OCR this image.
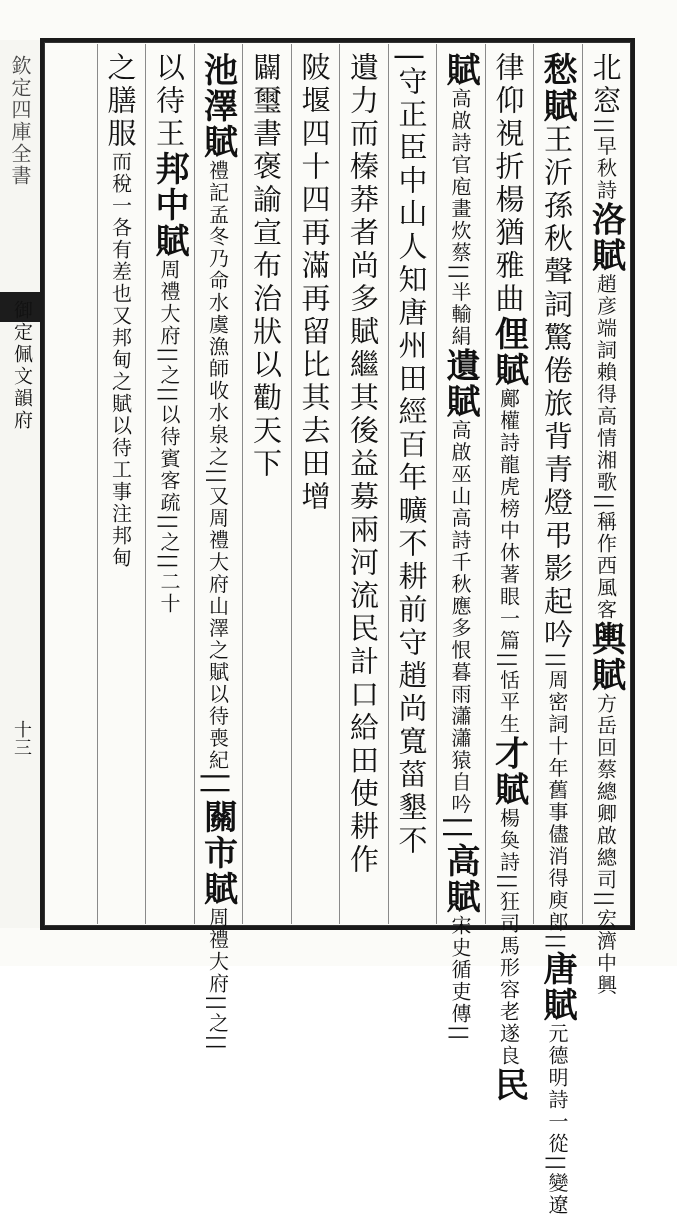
欽定四庫全書
御定佩文韻府
十三
北窓||早秋詩洛賦趙彦端詞賴得高情湘歌||稱作西風客輿賦方岳回蔡總卿啟總司||宏濟中興
愁賦王沂孫秋聲詞驚倦旅背青燈弔影起吟||周密詞十年舊事儘消得庾郎||唐賦元德明詩一從||變遼
律仰視折楊猶雅曲俚賦鄺權詩龍虎榜中休著眼一篇||恬平生才賦楊奐詩||狂司馬形容老遂良民
賦高啟詩官庖畫炊蔡||半輸絹遺賦高啟巫山高詩千秋應多恨暮雨瀟瀟猿自吟||高賦宋史循吏傳||
|守正臣中山人知唐州田經百年曠不耕前守趙尚寬菑墾不
遺力而榛莽者尚多賦繼其後益募兩河流民計口給田使耕作
陂堰四十四再滿再留比其去田增
闢璽書褒諭宣布治狀以勸天下
池澤賦禮記孟冬乃命水虞漁師收水泉之||又周禮大府山澤之賦以待喪紀||關市賦周禮大府||之||
以待王邦中賦周禮大府||之||以待賓客疏||之||二十
之膳服而稅一各有差也又邦甸之賦以待工事注邦甸
